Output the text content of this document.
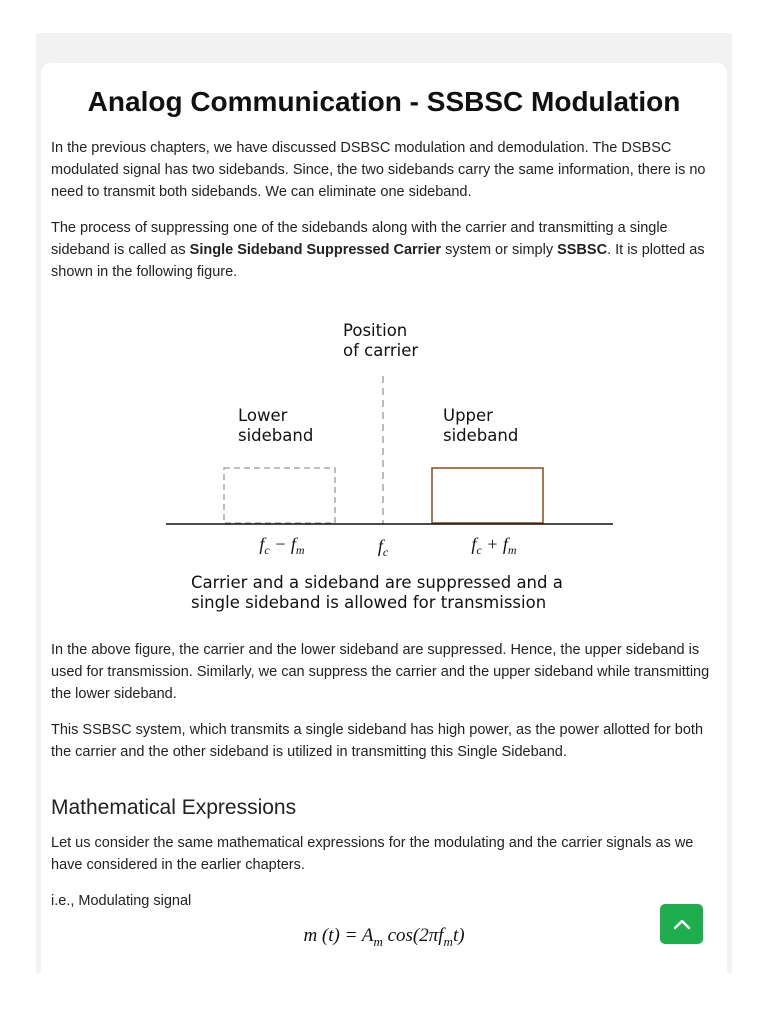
Analog Communication - SSBSC Modulation

In the previous chapters, we have discussed DSBSC modulation and demodulation. The DSBSC modulated signal has two sidebands. Since, the two sidebands carry the same information, there is no need to transmit both sidebands. We can eliminate one sideband.

The process of suppressing one of the sidebands along with the carrier and transmitting a single sideband is called as Single Sideband Suppressed Carrier system or simply SSBSC. It is plotted as shown in the following figure.

Position
of carrier
Lower
sideband
Upper
sideband
$f_c - f_m$	$f_c$	$f_c + f_m$
Carrier and a sideband are suppressed and a
single sideband is allowed for transmission

In the above figure, the carrier and the lower sideband are suppressed. Hence, the upper sideband is used for transmission. Similarly, we can suppress the carrier and the upper sideband while transmitting the lower sideband.

This SSBSC system, which transmits a single sideband has high power, as the power allotted for both the carrier and the other sideband is utilized in transmitting this Single Sideband.

Mathematical Expressions

Let us consider the same mathematical expressions for the modulating and the carrier signals as we have considered in the earlier chapters.

i.e., Modulating signal

m $(t) = A_m$ $\cos(2\pi f_mt)$
